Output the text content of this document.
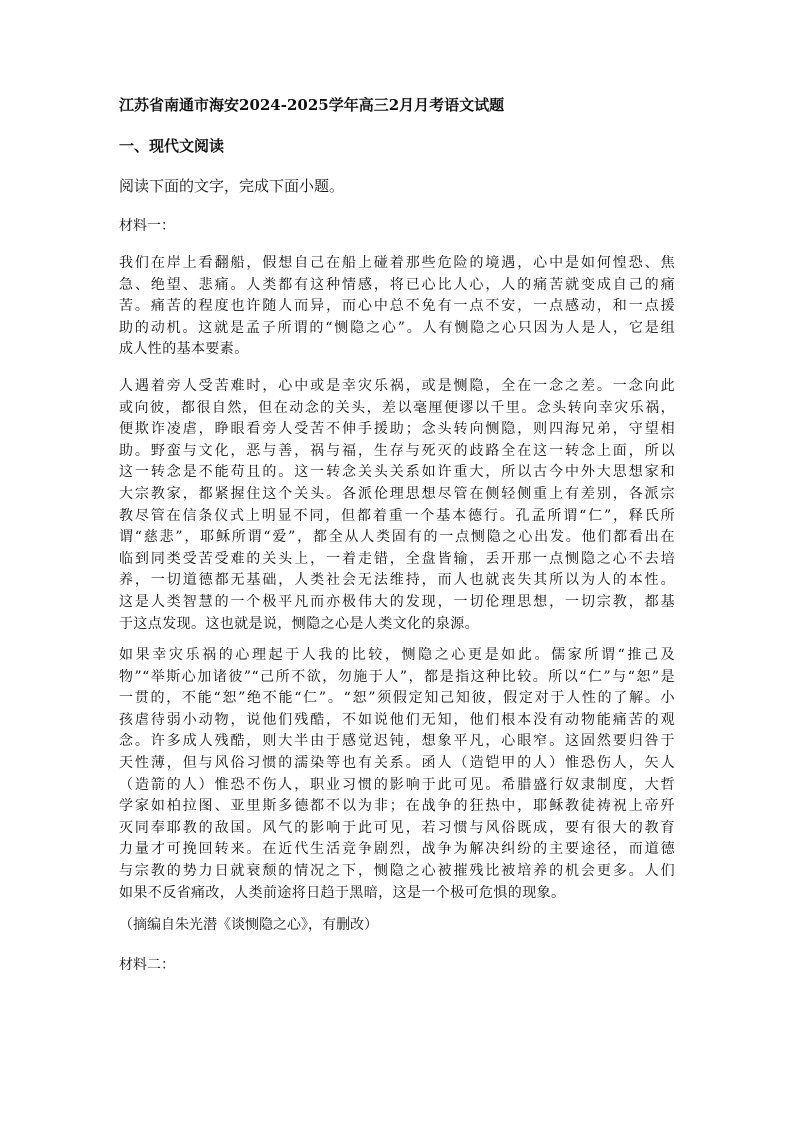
江苏省南通市海安2024-2025学年高三2月月考语文试题
一、现代文阅读
阅读下面的文字，完成下面小题。
材料一：
我们在岸上看翻船，假想自己在船上碰着那些危险的境遇，心中是如何惶恐、焦
急、绝望、悲痛。人类都有这种情感，将已心比人心，人的痛苦就变成自己的痛
苦。痛苦的程度也许随人而异，而心中总不免有一点不安，一点感动，和一点援
助的动机。这就是孟子所谓的“恻隐之心”。人有恻隐之心只因为人是人，它是组
成人性的基本要素。
人遇着旁人受苦难时，心中或是幸灾乐祸，或是恻隐，全在一念之差。一念向此
或向彼，都很自然，但在动念的关头，差以毫厘便谬以千里。念头转向幸灾乐祸，
便欺诈凌虐，睁眼看旁人受苦不伸手援助；念头转向恻隐，则四海兄弟，守望相
助。野蛮与文化，恶与善，祸与福，生存与死灭的歧路全在这一转念上面，所以
这一转念是不能苟且的。这一转念关头关系如许重大，所以古今中外大思想家和
大宗教家，都紧握住这个关头。各派伦理思想尽管在侧轻侧重上有差别，各派宗
教尽管在信条仪式上明显不同，但都着重一个基本德行。孔孟所谓“仁”，释氏所
谓“慈悲”，耶稣所谓“爱”，都全从人类固有的一点恻隐之心出发。他们都看出在
临到同类受苦受难的关头上，一着走错，全盘皆输，丢开那一点恻隐之心不去培
养，一切道德都无基础，人类社会无法维持，而人也就丧失其所以为人的本性。
这是人类智慧的一个极平凡而亦极伟大的发现，一切伦理思想，一切宗教，都基
于这点发现。这也就是说，恻隐之心是人类文化的泉源。
如果幸灾乐祸的心理起于人我的比较，恻隐之心更是如此。儒家所谓“推己及
物”“举斯心加诸彼”“己所不欲，勿施于人”，都是指这种比较。所以“仁”与“恕”是
一贯的，不能“恕”绝不能“仁”。“恕”须假定知己知彼，假定对于人性的了解。小
孩虐待弱小动物，说他们残酷，不如说他们无知，他们根本没有动物能痛苦的观
念。许多成人残酷，则大半由于感觉迟钝，想象平凡，心眼窄。这固然要归咎于
天性薄，但与风俗习惯的濡染等也有关系。函人（造铠甲的人）惟恐伤人，矢人
（造箭的人）惟恐不伤人，职业习惯的影响于此可见。希腊盛行奴隶制度，大哲
学家如柏拉图、亚里斯多德都不以为非；在战争的狂热中，耶稣教徒祷祝上帝歼
灭同奉耶教的敌国。风气的影响于此可见，若习惯与风俗既成，要有很大的教育
力量才可挽回转来。在近代生活竞争剧烈，战争为解决纠纷的主要途径，而道德
与宗教的势力日就衰颓的情况之下，恻隐之心被摧残比被培养的机会更多。人们
如果不反省痛改，人类前途将日趋于黑暗，这是一个极可危惧的现象。
（摘编自朱光潜《谈恻隐之心》，有删改）
材料二：
